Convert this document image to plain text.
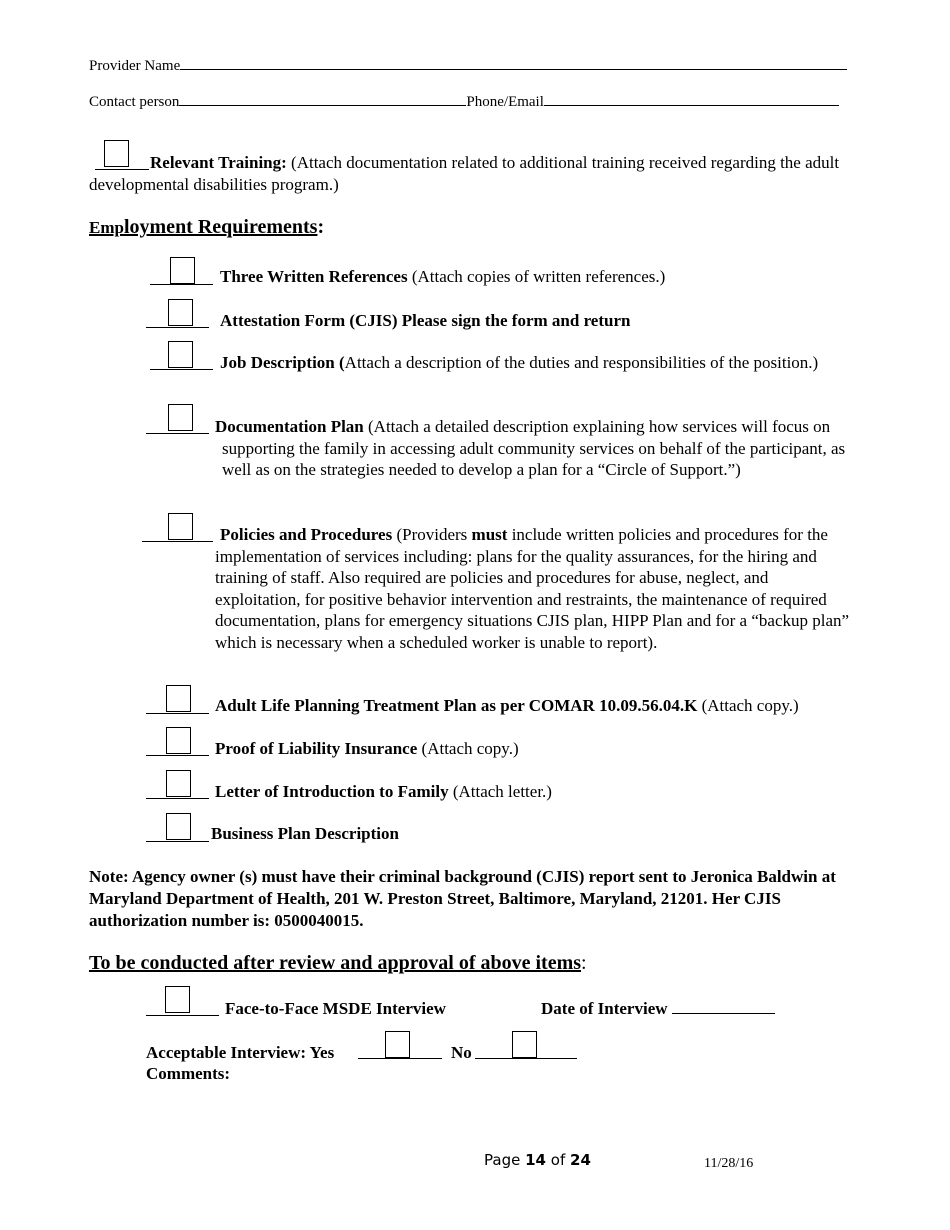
Provider Name
Contact person	Phone/Email
Relevant Training: (Attach documentation related to additional training received regarding the adult developmental disabilities program.)
Employment Requirements:
Three Written References (Attach copies of written references.)
Attestation Form (CJIS) Please sign the form and return
Job Description (Attach a description of the duties and responsibilities of the position.)
Documentation Plan (Attach a detailed description explaining how services will focus on supporting the family in accessing adult community services on behalf of the participant, as well as on the strategies needed to develop a plan for a “Circle of Support.”)
Policies and Procedures (Providers must include written policies and procedures for the implementation of services including: plans for the quality assurances, for the hiring and training of staff. Also required are policies and procedures for abuse, neglect, and exploitation, for positive behavior intervention and restraints, the maintenance of required documentation, plans for emergency situations CJIS plan, HIPP Plan and for a “backup plan” which is necessary when a scheduled worker is unable to report).
Adult Life Planning Treatment Plan as per COMAR 10.09.56.04.K (Attach copy.)
Proof of Liability Insurance (Attach copy.)
Letter of Introduction to Family (Attach letter.)
Business Plan Description
Note: Agency owner (s) must have their criminal background (CJIS) report sent to Jeronica Baldwin at Maryland Department of Health, 201 W. Preston Street, Baltimore, Maryland, 21201. Her CJIS authorization number is: 0500040015.
To be conducted after review and approval of above items:
Face-to-Face MSDE Interview	Date of Interview
Acceptable Interview: Yes	No
Comments:
Page 14 of 24	11/28/16
